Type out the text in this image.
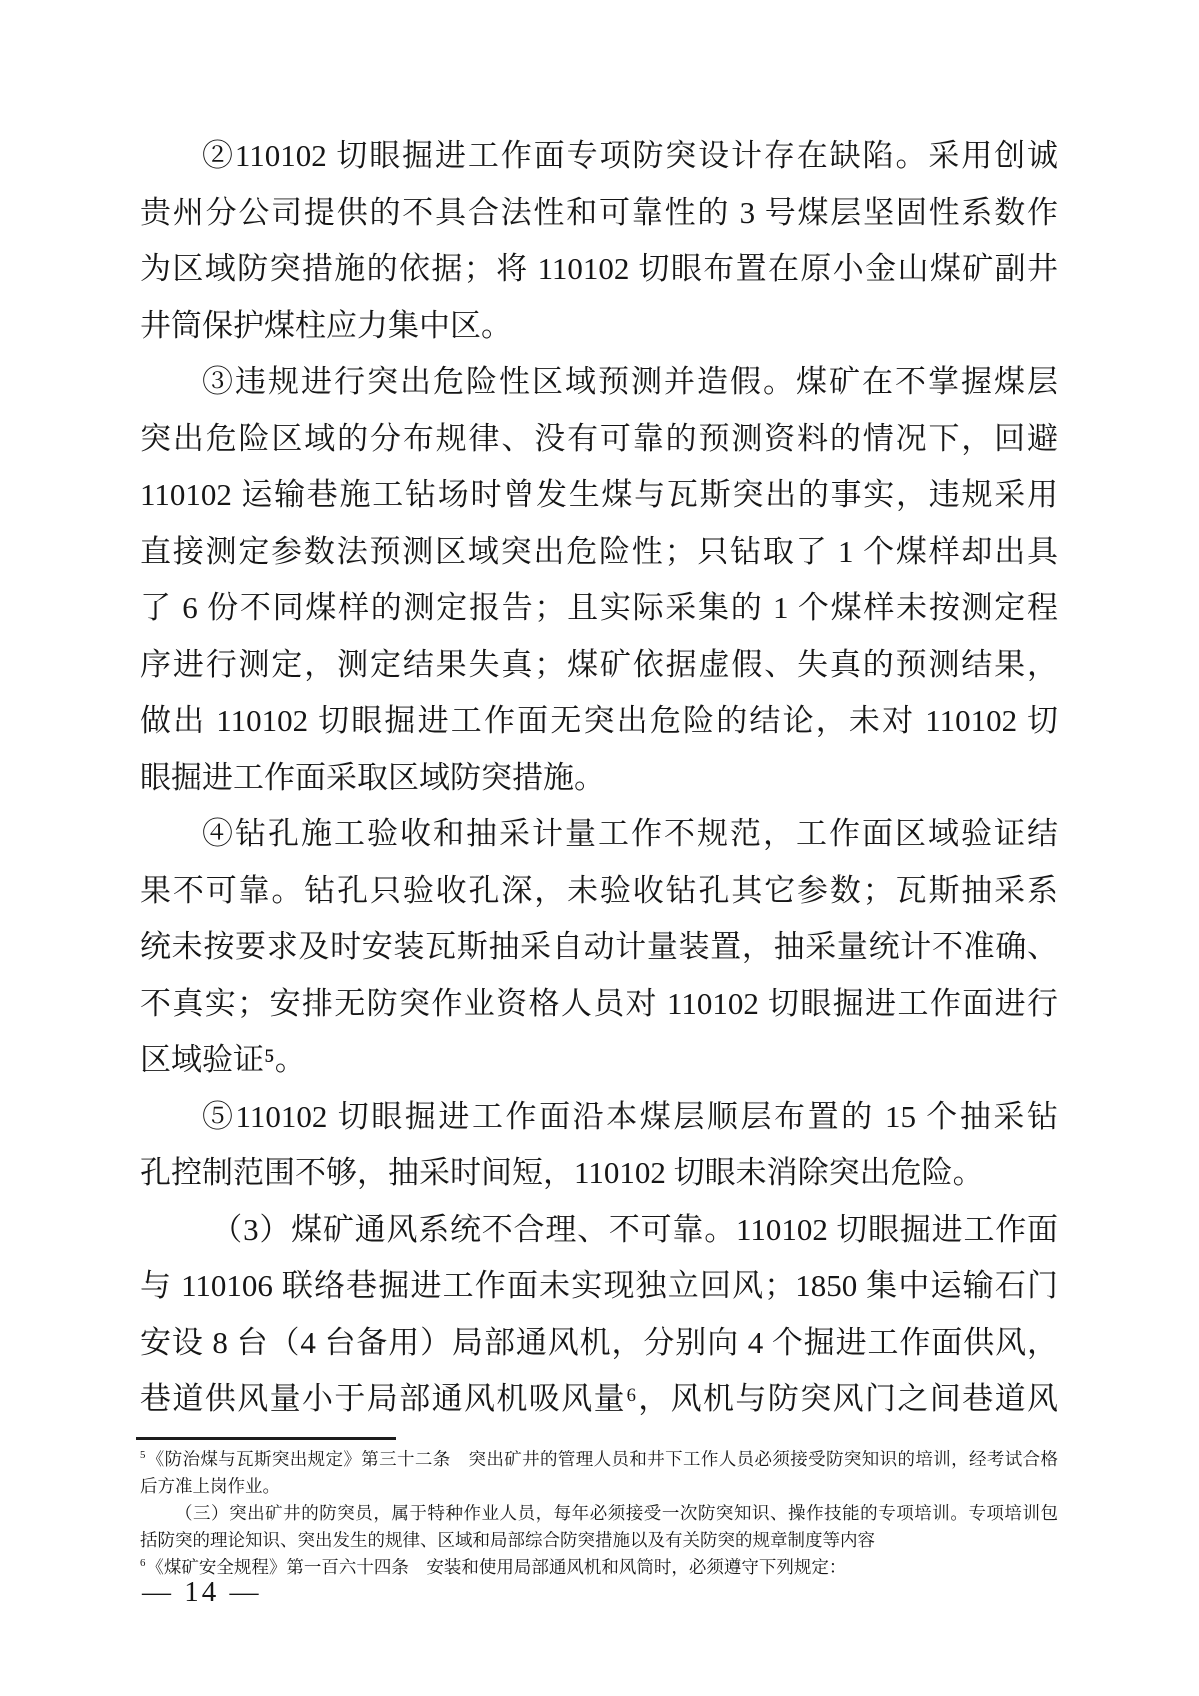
②110102 切眼掘进工作面专项防突设计存在缺陷。采用创诚
贵州分公司提供的不具合法性和可靠性的 3 号煤层坚固性系数作
为区域防突措施的依据；将 110102 切眼布置在原小金山煤矿副井
井筒保护煤柱应力集中区。
③违规进行突出危险性区域预测并造假。煤矿在不掌握煤层
突出危险区域的分布规律、没有可靠的预测资料的情况下，回避
110102 运输巷施工钻场时曾发生煤与瓦斯突出的事实，违规采用
直接测定参数法预测区域突出危险性；只钻取了 1 个煤样却出具
了 6 份不同煤样的测定报告；且实际采集的 1 个煤样未按测定程
序进行测定，测定结果失真；煤矿依据虚假、失真的预测结果，
做出 110102 切眼掘进工作面无突出危险的结论，未对 110102 切
眼掘进工作面采取区域防突措施。
④钻孔施工验收和抽采计量工作不规范，工作面区域验证结
果不可靠。钻孔只验收孔深，未验收钻孔其它参数；瓦斯抽采系
统未按要求及时安装瓦斯抽采自动计量装置，抽采量统计不准确、
不真实；安排无防突作业资格人员对 110102 切眼掘进工作面进行
区域验证⁵。
⑤110102 切眼掘进工作面沿本煤层顺层布置的 15 个抽采钻
孔控制范围不够，抽采时间短，110102 切眼未消除突出危险。
（3）煤矿通风系统不合理、不可靠。110102 切眼掘进工作面
与 110106 联络巷掘进工作面未实现独立回风；1850 集中运输石门
安设 8 台（4 台备用）局部通风机，分别向 4 个掘进工作面供风，
巷道供风量小于局部通风机吸风量⁶，风机与防突风门之间巷道风
$^5$《防治煤与瓦斯突出规定》第三十二条　突出矿井的管理人员和井下工作人员必须接受防突知识的培训，经考试合格
后方准上岗作业。
（三）突出矿井的防突员，属于特种作业人员，每年必须接受一次防突知识、操作技能的专项培训。专项培训包
括防突的理论知识、突出发生的规律、区域和局部综合防突措施以及有关防突的规章制度等内容
$^6$《煤矿安全规程》第一百六十四条　安装和使用局部通风机和风筒时，必须遵守下列规定：
— 14 —
